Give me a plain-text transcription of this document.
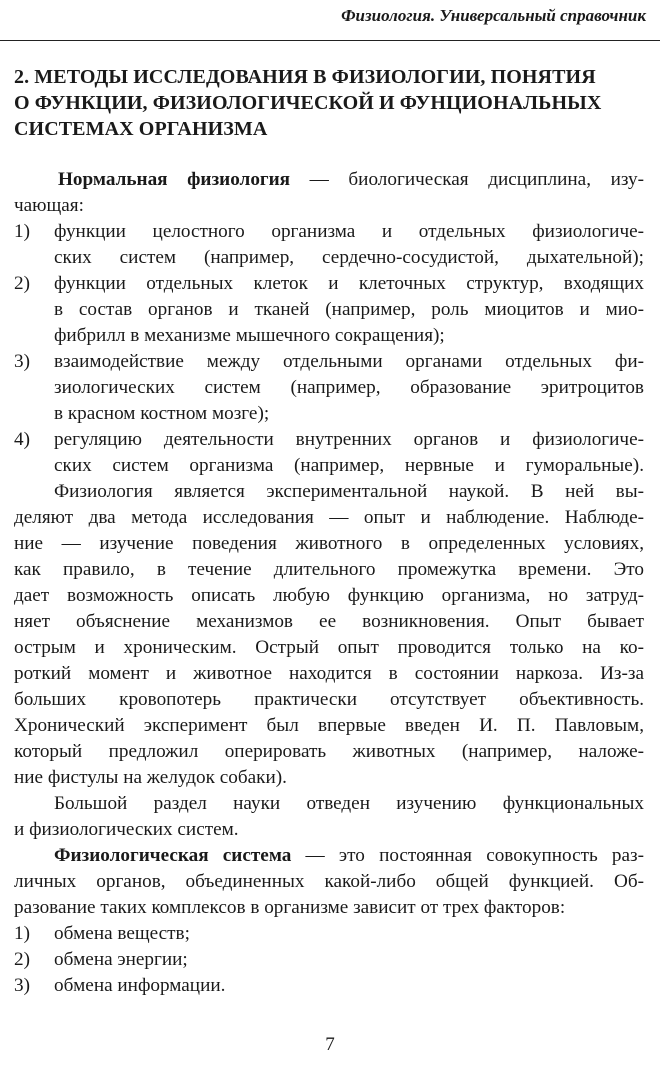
Физиология. Универсальный справочник
2. МЕТОДЫ ИССЛЕДОВАНИЯ В ФИЗИОЛОГИИ, ПОНЯТИЯ
О ФУНКЦИИ, ФИЗИОЛОГИЧЕСКОЙ И ФУНЦИОНАЛЬНЫХ
СИСТЕМАХ ОРГАНИЗМА
Нормальная физиология — биологическая дисциплина, изу-
чающая:
1) функции целостного организма и отдельных физиологиче-
ских систем (например, сердечно-сосудистой, дыхательной);
2) функции отдельных клеток и клеточных структур, входящих
в состав органов и тканей (например, роль миоцитов и мио-
фибрилл в механизме мышечного сокращения);
3) взаимодействие между отдельными органами отдельных фи-
зиологических систем (например, образование эритроцитов
в красном костном мозге);
4) регуляцию деятельности внутренних органов и физиологиче-
ских систем организма (например, нервные и гуморальные).
Физиология является экспериментальной наукой. В ней вы-
деляют два метода исследования — опыт и наблюдение. Наблюде-
ние — изучение поведения животного в определенных условиях,
как правило, в течение длительного промежутка времени. Это
дает возможность описать любую функцию организма, но затруд-
няет объяснение механизмов ее возникновения. Опыт бывает
острым и хроническим. Острый опыт проводится только на ко-
роткий момент и животное находится в состоянии наркоза. Из-за
больших кровопотерь практически отсутствует объективность.
Хронический эксперимент был впервые введен И. П. Павловым,
который предложил оперировать животных (например, наложе-
ние фистулы на желудок собаки).
Большой раздел науки отведен изучению функциональных
и физиологических систем.
Физиологическая система — это постоянная совокупность раз-
личных органов, объединенных какой-либо общей функцией. Об-
разование таких комплексов в организме зависит от трех факторов:
1) обмена веществ;
2) обмена энергии;
3) обмена информации.
7
